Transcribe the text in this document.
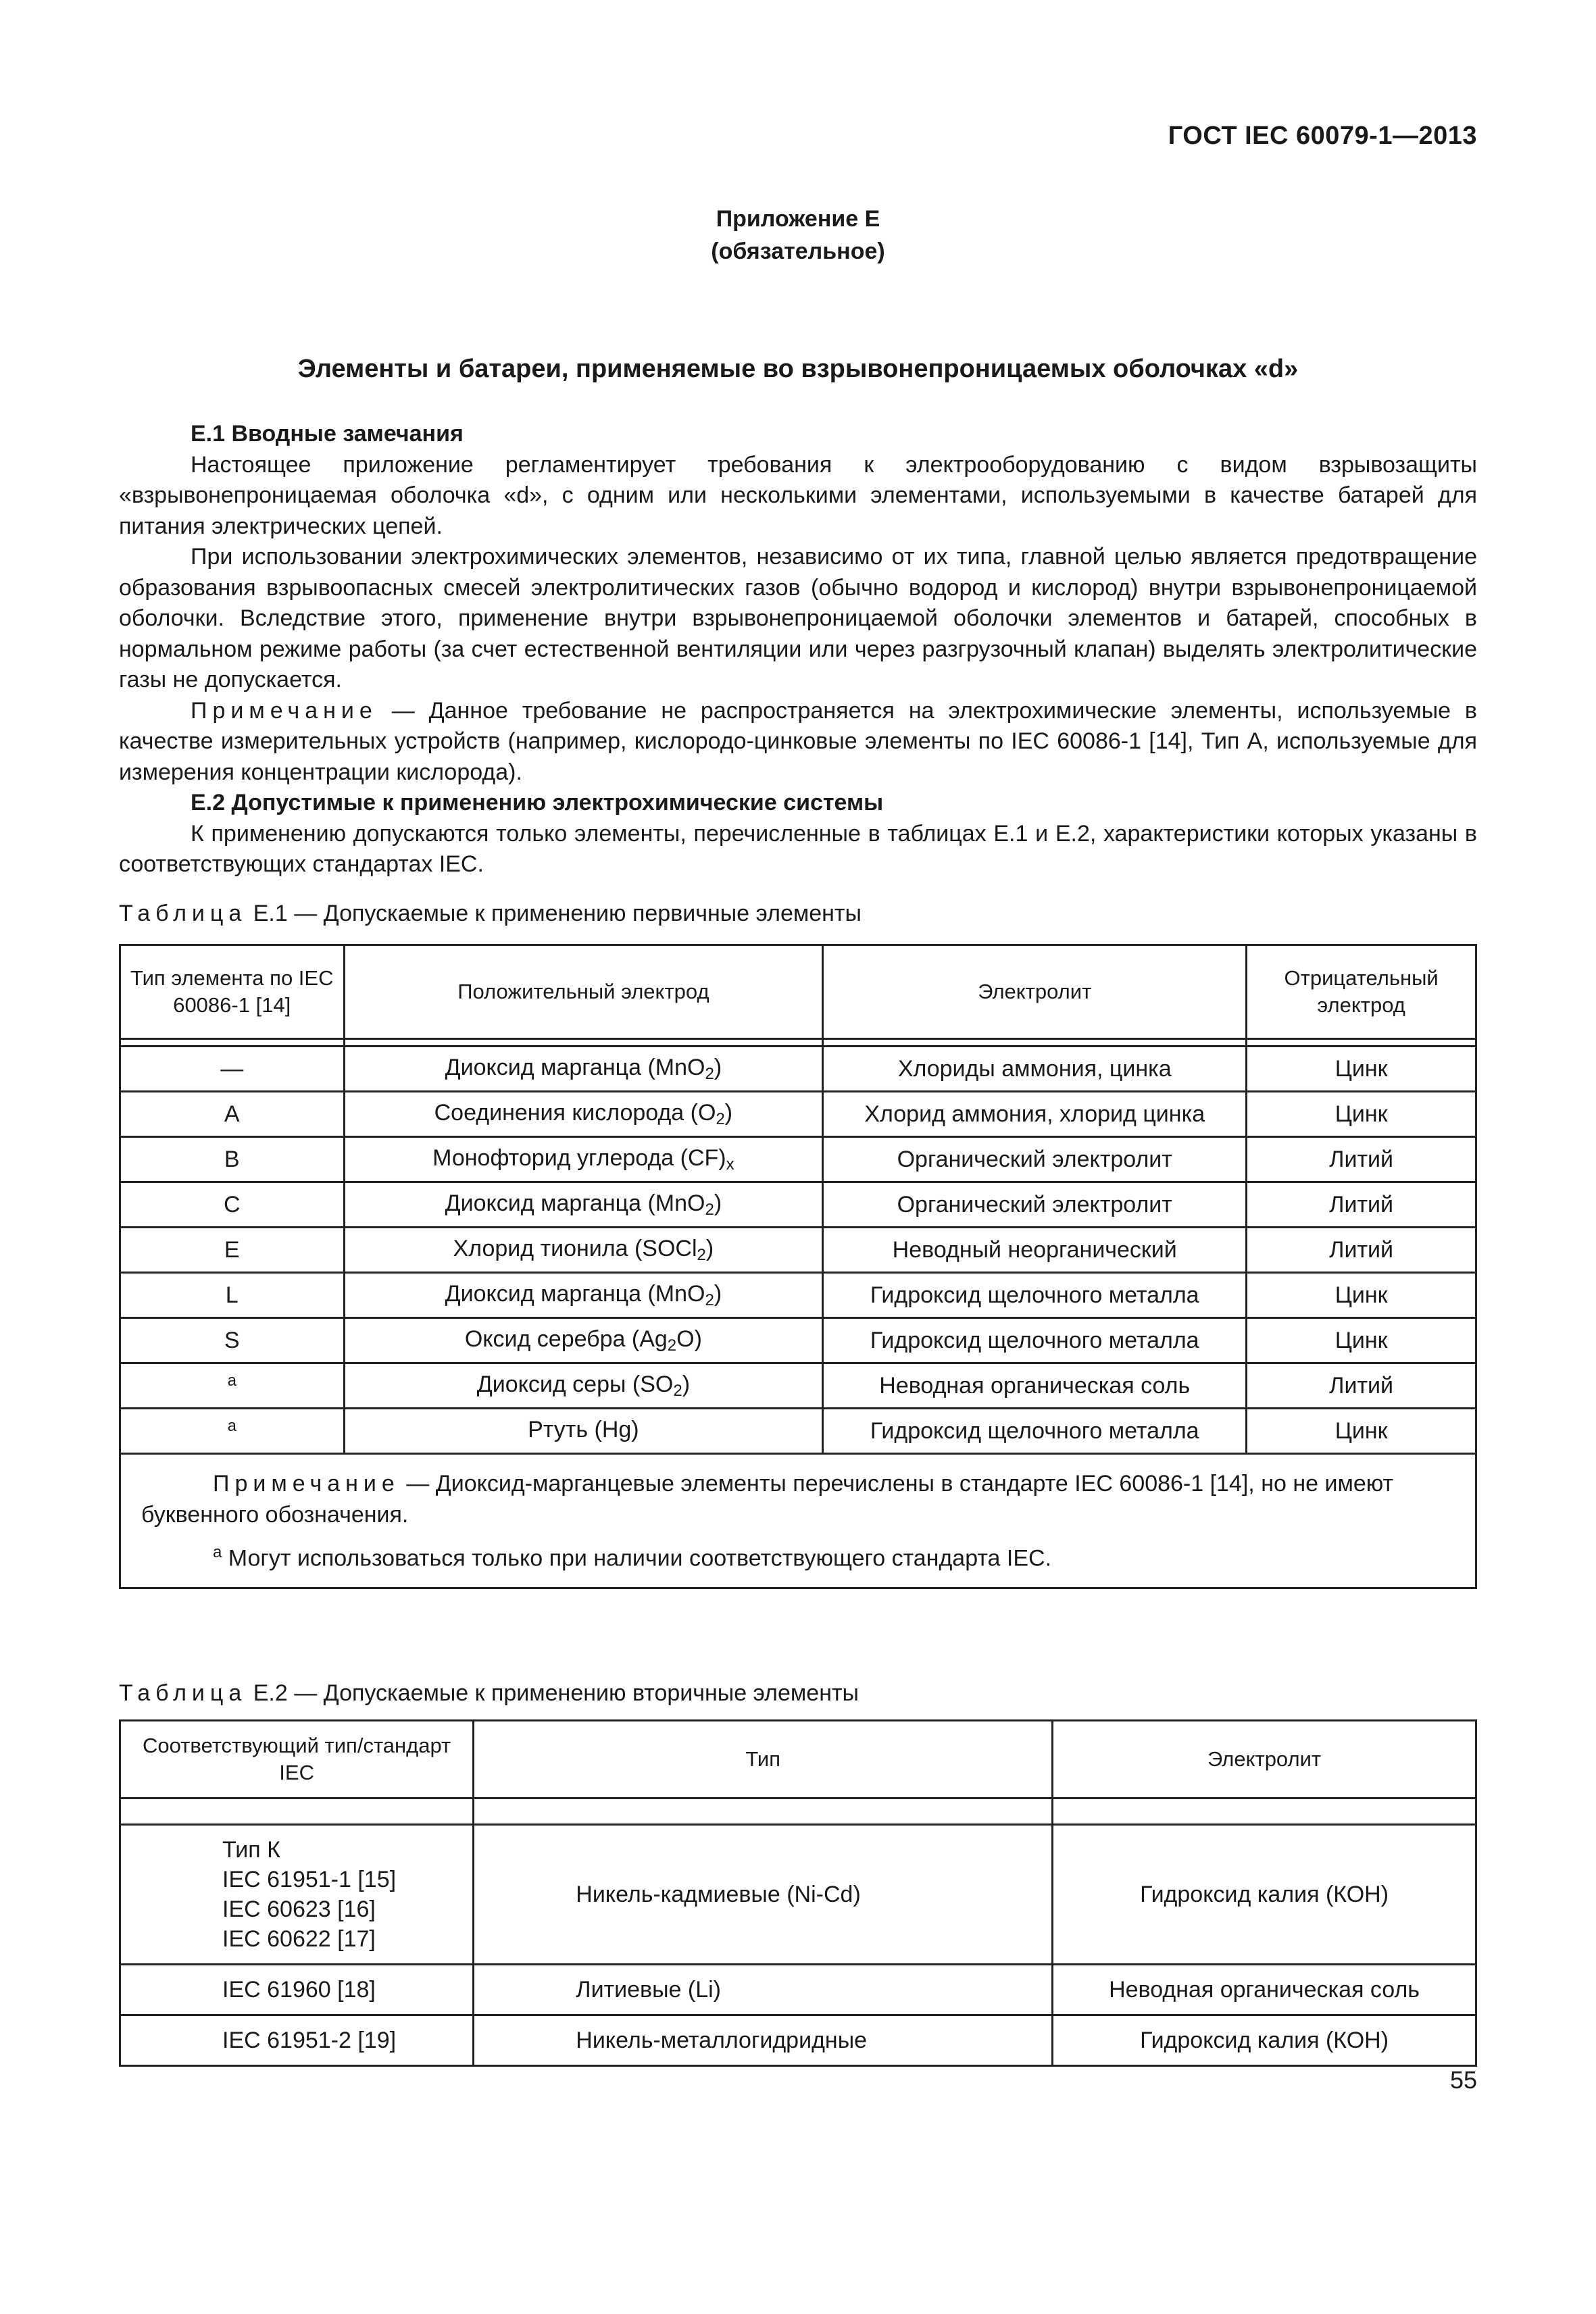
ГОСТ IEC 60079-1—2013
Приложение Е
(обязательное)
Элементы и батареи, применяемые во взрывонепроницаемых оболочках «d»

Е.1 Вводные замечания

Настоящее приложение регламентирует требования к электрооборудованию с видом взрывозащиты «взрывонепроницаемая оболочка «d», с одним или несколькими элементами, используемыми в качестве батарей для питания электрических цепей.

При использовании электрохимических элементов, независимо от их типа, главной целью является предотвращение образования взрывоопасных смесей электролитических газов (обычно водород и кислород) внутри взрывонепроницаемой оболочки. Вследствие этого, применение внутри взрывонепроницаемой оболочки элементов и батарей, способных в нормальном режиме работы (за счет естественной вентиляции или через разгрузочный клапан) выделять электролитические газы не допускается.

Примечание — Данное требование не распространяется на электрохимические элементы, используемые в качестве измерительных устройств (например, кислородо-цинковые элементы по IEC 60086-1 [14], Тип А, используемые для измерения концентрации кислорода).

Е.2 Допустимые к применению электрохимические системы

К применению допускаются только элементы, перечисленные в таблицах Е.1 и Е.2, характеристики которых указаны в соответствующих стандартах IEC.

Таблица Е.1 — Допускаемые к применению первичные элементы
Тип элемента по IEC 60086-1 [14]	Положительный электрод	Электролит	Отрицательный электрод

—	Диоксид марганца (MnO$_2$)	Хлориды аммония, цинка	Цинк
A	Соединения кислорода $(O_2)$	Хлорид аммония, хлорид цинка	Цинк
B	Монофторид углерода $(CF)_x$	Органический электролит	Литий
C	Диоксид марганца (MnO$_2$)	Органический электролит	Литий
E	Хлорид тионила (SOCl$_2$)	Неводный неорганический	Литий
L	Диоксид марганца (MnO$_2$)	Гидроксид щелочного металла	Цинк
S	Оксид серебра $(Ag_2O)$	Гидроксид щелочного металла	Цинк
$^a$	Диоксид серы $(SO_2)$	Неводная органическая соль	Литий
$^a$	Ртуть (Hg)	Гидроксид щелочного металла	Цинк

Примечание — Диоксид-марганцевые элементы перечислены в стандарте IEC 60086-1 [14], но не имеют буквенного обозначения.

$^a$ Могут использоваться только при наличии соответствующего стандарта IEC.			

Таблица Е.2 — Допускаемые к применению вторичные элементы
Соответствующий тип/стандарт IEC	Тип	Электролит

Тип К
IEC 61951-1 [15]
IEC 60623 [16]
IEC 60622 [17]	Никель-кадмиевые (Ni-Cd)	Гидроксид калия (КОН)

IEC 61960 [18]	Литиевые (Li)	Неводная органическая соль

IEC 61951-2 [19]	Никель-металлогидридные	Гидроксид калия (КОН)
55
